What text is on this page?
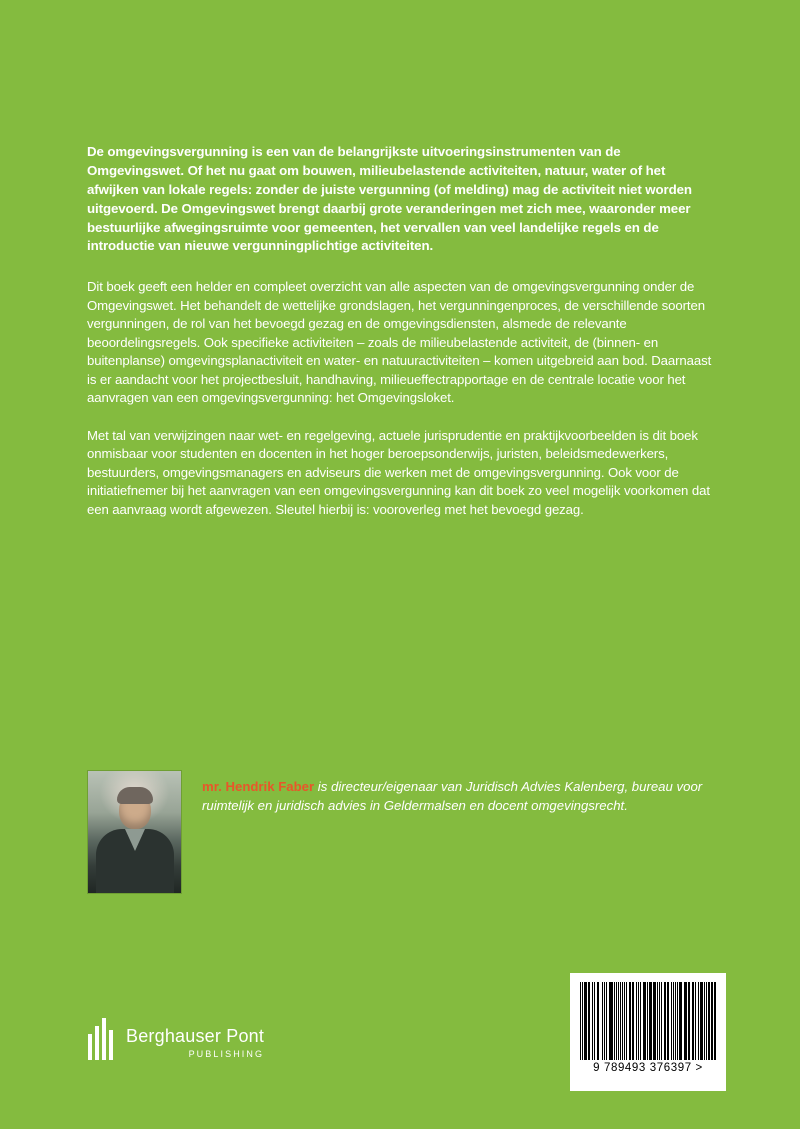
De omgevingsvergunning is een van de belangrijkste uitvoeringsinstrumenten van de Omgevingswet. Of het nu gaat om bouwen, milieubelastende activiteiten, natuur, water of het afwijken van lokale regels: zonder de juiste vergunning (of melding) mag de activiteit niet worden uitgevoerd. De Omgevingswet brengt daarbij grote veranderingen met zich mee, waaronder meer bestuurlijke afwegingsruimte voor gemeenten, het vervallen van veel landelijke regels en de introductie van nieuwe vergunningplichtige activiteiten.

Dit boek geeft een helder en compleet overzicht van alle aspecten van de omgevingsvergunning onder de Omgevingswet. Het behandelt de wettelijke grondslagen, het vergunningenproces, de verschillende soorten vergunningen, de rol van het bevoegd gezag en de omgevingsdiensten, alsmede de relevante beoordelingsregels. Ook specifieke activiteiten – zoals de milieubelastende activiteit, de (binnen- en buitenplanse) omgevingsplanactiviteit en water- en natuuractiviteiten – komen uitgebreid aan bod. Daarnaast is er aandacht voor het projectbesluit, handhaving, milieueffectrapportage en de centrale locatie voor het aanvragen van een omgevingsvergunning: het Omgevingsloket.

Met tal van verwijzingen naar wet- en regelgeving, actuele jurisprudentie en praktijkvoorbeelden is dit boek onmisbaar voor studenten en docenten in het hoger beroepsonderwijs, juristen, beleidsmedewerkers, bestuurders, omgevingsmanagers en adviseurs die werken met de omgevingsvergunning. Ook voor de initiatiefnemer bij het aanvragen van een omgevingsvergunning kan dit boek zo veel mogelijk voorkomen dat een aanvraag wordt afgewezen. Sleutel hierbij is: vooroverleg met het bevoegd gezag.

mr. Hendrik Faber is directeur/eigenaar van Juridisch Advies Kalenberg, bureau voor ruimtelijk en juridisch advies in Geldermalsen en docent omgevingsrecht.
Berghauser Pont
PUBLISHING
9 789493 376397 >
